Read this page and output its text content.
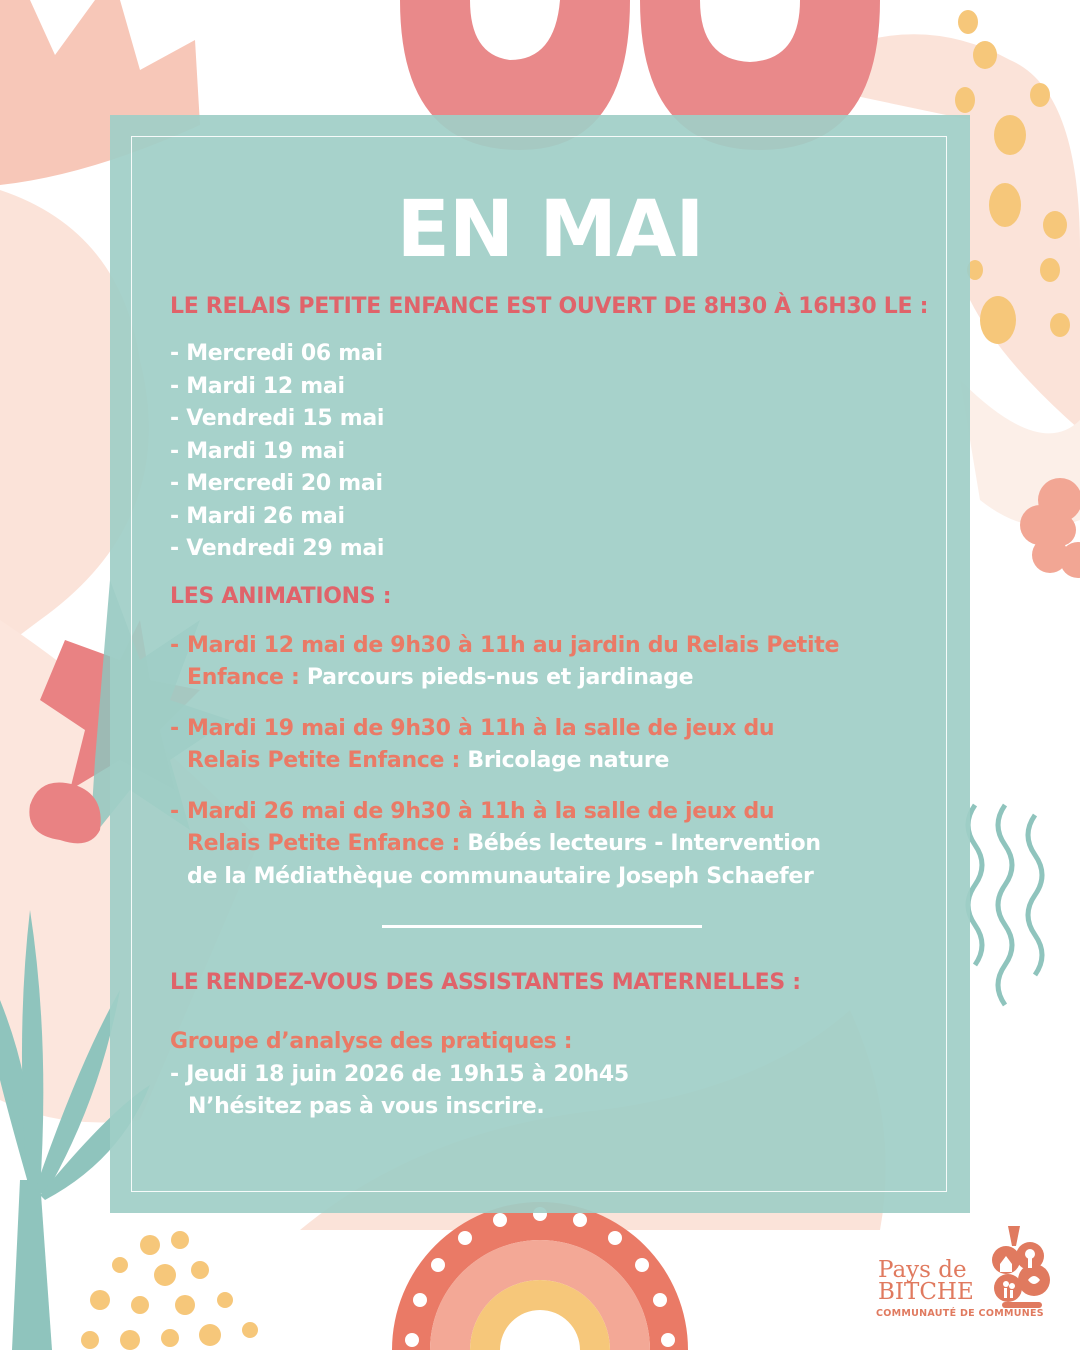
EN MAI
LE RELAIS PETITE ENFANCE EST OUVERT DE 8H30 À 16H30 LE :
- Mercredi 06 mai
- Mardi 12 mai
- Vendredi 15 mai
- Mardi 19 mai
- Mercredi 20 mai
- Mardi 26 mai
- Vendredi 29 mai
LES ANIMATIONS :
- Mardi 12 mai de 9h30 à 11h au jardin du Relais Petite Enfance : Parcours pieds-nus et jardinage
- Mardi 19 mai de 9h30 à 11h à la salle de jeux du Relais Petite Enfance : Bricolage nature
- Mardi 26 mai de 9h30 à 11h à la salle de jeux du Relais Petite Enfance : Bébés lecteurs - Intervention de la Médiathèque communautaire Joseph Schaefer
LE RENDEZ-VOUS DES ASSISTANTES MATERNELLES :
Groupe d’analyse des pratiques :
- Jeudi 18 juin 2026 de 19h15 à 20h45
N’hésitez pas à vous inscrire.
Pays de
BITCHE
COMMUNAUTÉ DE COMMUNES
